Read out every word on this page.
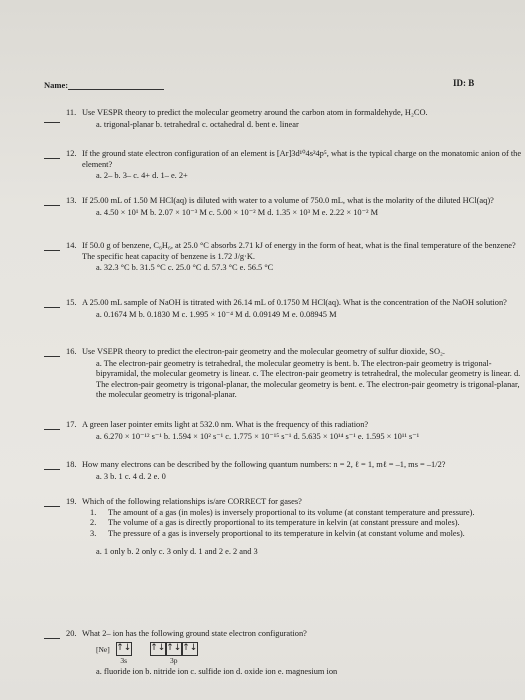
Name:	ID: B
11. Use VESPR theory to predict the molecular geometry around the carbon atom in formaldehyde, H₂CO.
a. trigonal-planar b. tetrahedral c. octahedral d. bent e. linear
12. If the ground state electron configuration of an element is [Ar]3d¹⁰4s²4p⁵, what is the typical charge on the monatomic anion of the element?
a. 2– b. 3– c. 4+ d. 1– e. 2+
13. If 25.00 mL of 1.50 M HCl(aq) is diluted with water to a volume of 750.0 mL, what is the molarity of the diluted HCl(aq)?
a. 4.50 × 10¹ M b. 2.07 × 10⁻³ M c. 5.00 × 10⁻² M d. 1.35 × 10³ M e. 2.22 × 10⁻² M
14. If 50.0 g of benzene, C₆H₆, at 25.0 °C absorbs 2.71 kJ of energy in the form of heat, what is the final temperature of the benzene? The specific heat capacity of benzene is 1.72 J/g·K.
a. 32.3 °C b. 31.5 °C c. 25.0 °C d. 57.3 °C e. 56.5 °C
15. A 25.00 mL sample of NaOH is titrated with 26.14 mL of 0.1750 M HCl(aq). What is the concentration of the NaOH solution?
a. 0.1674 M b. 0.1830 M c. 1.995 × 10⁻⁴ M d. 0.09149 M e. 0.08945 M
16. Use VSEPR theory to predict the electron-pair geometry and the molecular geometry of sulfur dioxide, SO₂.
a. The electron-pair geometry is tetrahedral, the molecular geometry is bent. b. The electron-pair geometry is trigonal-bipyramidal, the molecular geometry is linear. c. The electron-pair geometry is tetrahedral, the molecular geometry is linear. d. The electron-pair geometry is trigonal-planar, the molecular geometry is bent. e. The electron-pair geometry is trigonal-planar, the molecular geometry is trigonal-planar.
17. A green laser pointer emits light at 532.0 nm. What is the frequency of this radiation?
a. 6.270 × 10⁻¹² s⁻¹ b. 1.594 × 10² s⁻¹ c. 1.775 × 10⁻¹⁵ s⁻¹ d. 5.635 × 10¹⁴ s⁻¹ e. 1.595 × 10¹¹ s⁻¹
18. How many electrons can be described by the following quantum numbers: n = 2, ℓ = 1, mℓ = –1, ms = –1/2?
a. 3 b. 1 c. 4 d. 2 e. 0
19. Which of the following relationships is/are CORRECT for gases?
1.	The amount of a gas (in moles) is inversely proportional to its volume (at constant temperature and pressure).
2.	The volume of a gas is directly proportional to its temperature in kelvin (at constant pressure and moles).
3.	The pressure of a gas is inversely proportional to its temperature in kelvin (at constant volume and moles).
a. 1 only b. 2 only c. 3 only d. 1 and 2 e. 2 and 3
20. What 2– ion has the following ground state electron configuration?
[Ne] ↑↓
3s
↑↓ ↑↓ ↑↓
3p
a. fluoride ion b. nitride ion c. sulfide ion d. oxide ion e. magnesium ion
